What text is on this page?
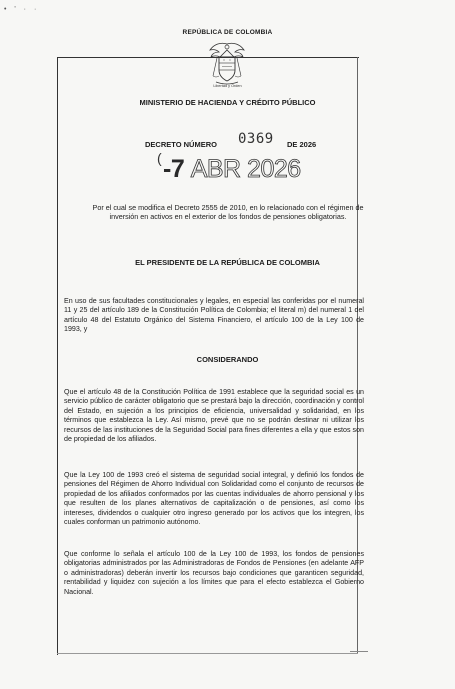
• ' · ·
REPÚBLICA DE COLOMBIA
Libertad y Orden
MINISTERIO DE HACIENDA Y CRÉDITO PÚBLICO
DECRETO NÚMERO 0369 DE 2026
( -7 ABR 2026
Por el cual se modifica el Decreto 2555 de 2010, en lo relacionado con el régimen de inversión en activos en el exterior de los fondos de pensiones obligatorias.
EL PRESIDENTE DE LA REPÚBLICA DE COLOMBIA
En uso de sus facultades constitucionales y legales, en especial las conferidas por el numeral 11 y 25 del artículo 189 de la Constitución Política de Colombia; el literal m) del numeral 1 del artículo 48 del Estatuto Orgánico del Sistema Financiero, el artículo 100 de la Ley 100 de 1993, y
CONSIDERANDO
Que el artículo 48 de la Constitución Política de 1991 establece que la seguridad social es un servicio público de carácter obligatorio que se prestará bajo la dirección, coordinación y control del Estado, en sujeción a los principios de eficiencia, universalidad y solidaridad, en los términos que establezca la Ley. Así mismo, prevé que no se podrán destinar ni utilizar los recursos de las instituciones de la Seguridad Social para fines diferentes a ella y que estos son de propiedad de los afiliados.
Que la Ley 100 de 1993 creó el sistema de seguridad social integral, y definió los fondos de pensiones del Régimen de Ahorro Individual con Solidaridad como el conjunto de recursos de propiedad de los afiliados conformados por las cuentas individuales de ahorro pensional y los que resulten de los planes alternativos de capitalización o de pensiones, así como los intereses, dividendos o cualquier otro ingreso generado por los activos que los integren, los cuales conforman un patrimonio autónomo.
Que conforme lo señala el artículo 100 de la Ley 100 de 1993, los fondos de pensiones obligatorias administrados por las Administradoras de Fondos de Pensiones (en adelante AFP o administradoras) deberán invertir los recursos bajo condiciones que garanticen seguridad, rentabilidad y liquidez con sujeción a los límites que para el efecto establezca el Gobierno Nacional.
